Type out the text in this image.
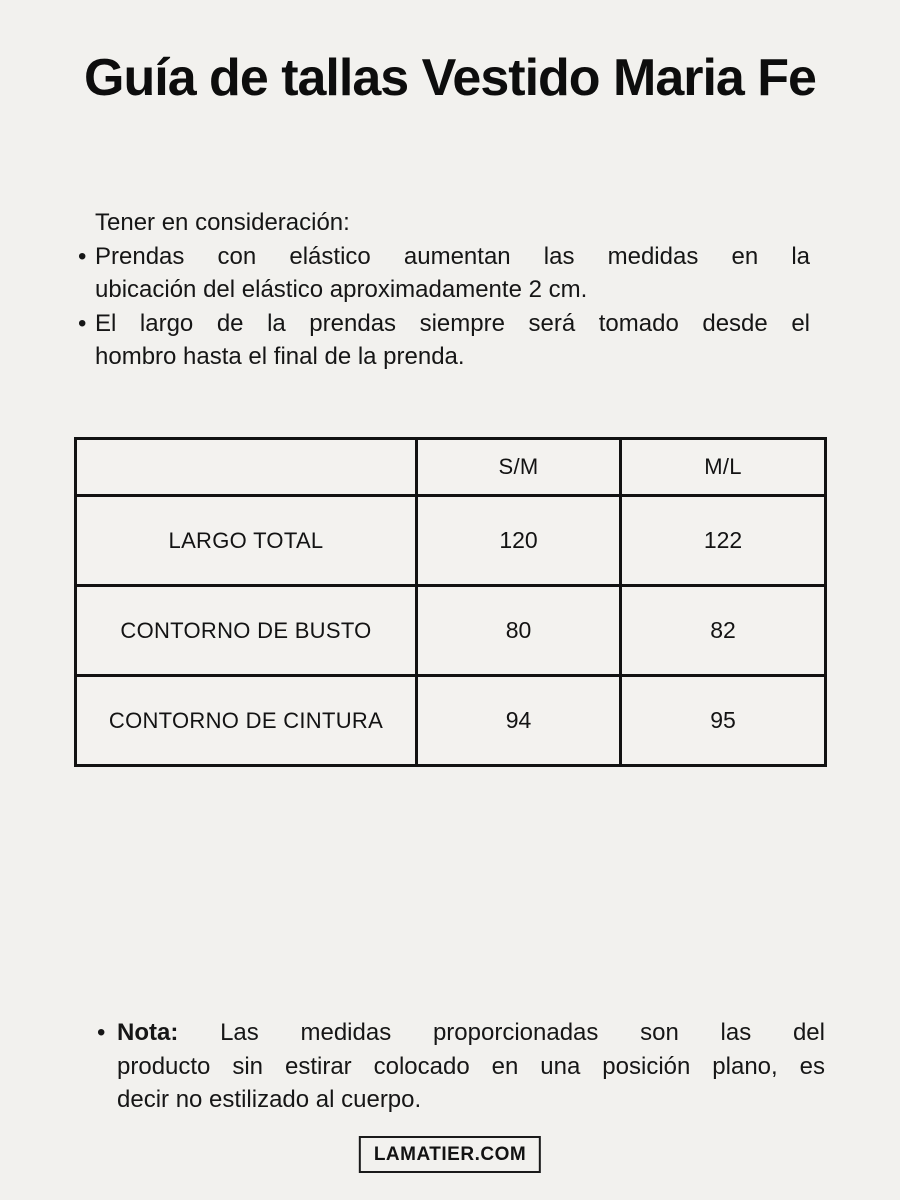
Guía de tallas Vestido Maria Fe
Tener en consideración:
• Prendas con elástico aumentan las medidas en la
ubicación del elástico aproximadamente 2 cm.
• El largo de la prendas siempre será tomado desde el
hombro hasta el final de la prenda.
	S/M	M/L
LARGO TOTAL	120	122
CONTORNO DE BUSTO	80	82
CONTORNO DE CINTURA	94	95
• Nota: Las medidas proporcionadas son las del
producto sin estirar colocado en una posición plano, es
decir no estilizado al cuerpo.
LAMATIER.COM
